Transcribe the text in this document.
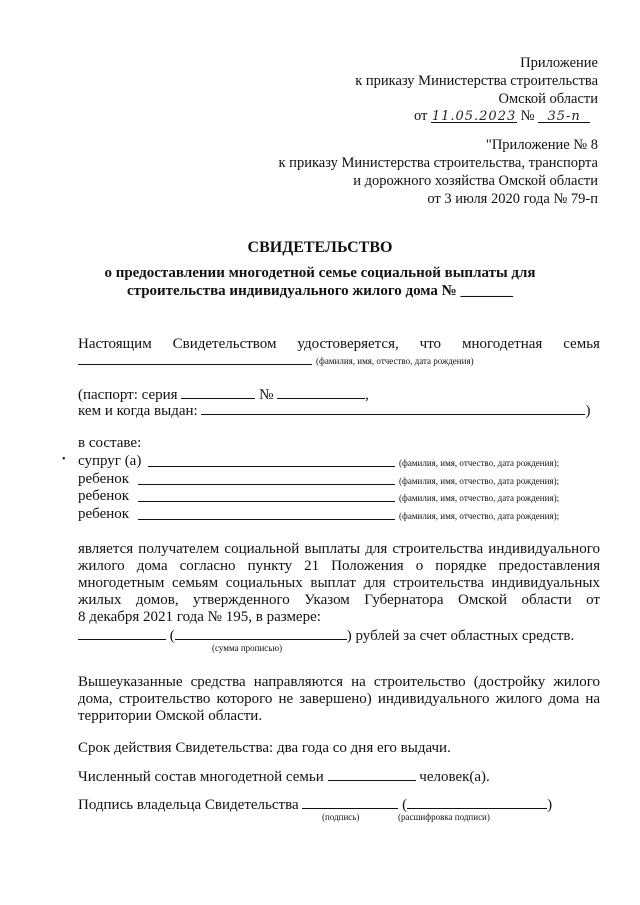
Приложение
к приказу Министерства строительства
Омской области
от 11.05.2023 № 35-п
"Приложение № 8
к приказу Министерства строительства, транспорта
и дорожного хозяйства Омской области
от 3 июля 2020 года № 79-п
СВИДЕТЕЛЬСТВО
о предоставлении многодетной семье социальной выплаты для
строительства индивидуального жилого дома № _______
Настоящим Свидетельством удостоверяется, что многодетная семья
(фамилия, имя, отчество, дата рождения)
(паспорт: серия	№	,
кем и когда выдан:	)
в составе:
• супруг (а)	(фамилия, имя, отчество, дата рождения);
ребенок	(фамилия, имя, отчество, дата рождения);
ребенок	(фамилия, имя, отчество, дата рождения);
ребенок	(фамилия, имя, отчество, дата рождения);
является получателем социальной выплаты для строительства индивидуального
жилого дома согласно пункту 21 Положения о порядке предоставления
многодетным семьям социальных выплат для строительства индивидуальных
жилых домов, утвержденного Указом Губернатора Омской области от
8 декабря 2021 года № 195, в размере:
(	) рублей за счет областных средств.
(сумма прописью)
Вышеуказанные средства направляются на строительство (достройку жилого
дома, строительство которого не завершено) индивидуального жилого дома на
территории Омской области.
Срок действия Свидетельства: два года со дня его выдачи.
Численный состав многодетной семьи	человек(а).
Подпись владельца Свидетельства	(	)
(подпись)	(расшифровка подписи)
